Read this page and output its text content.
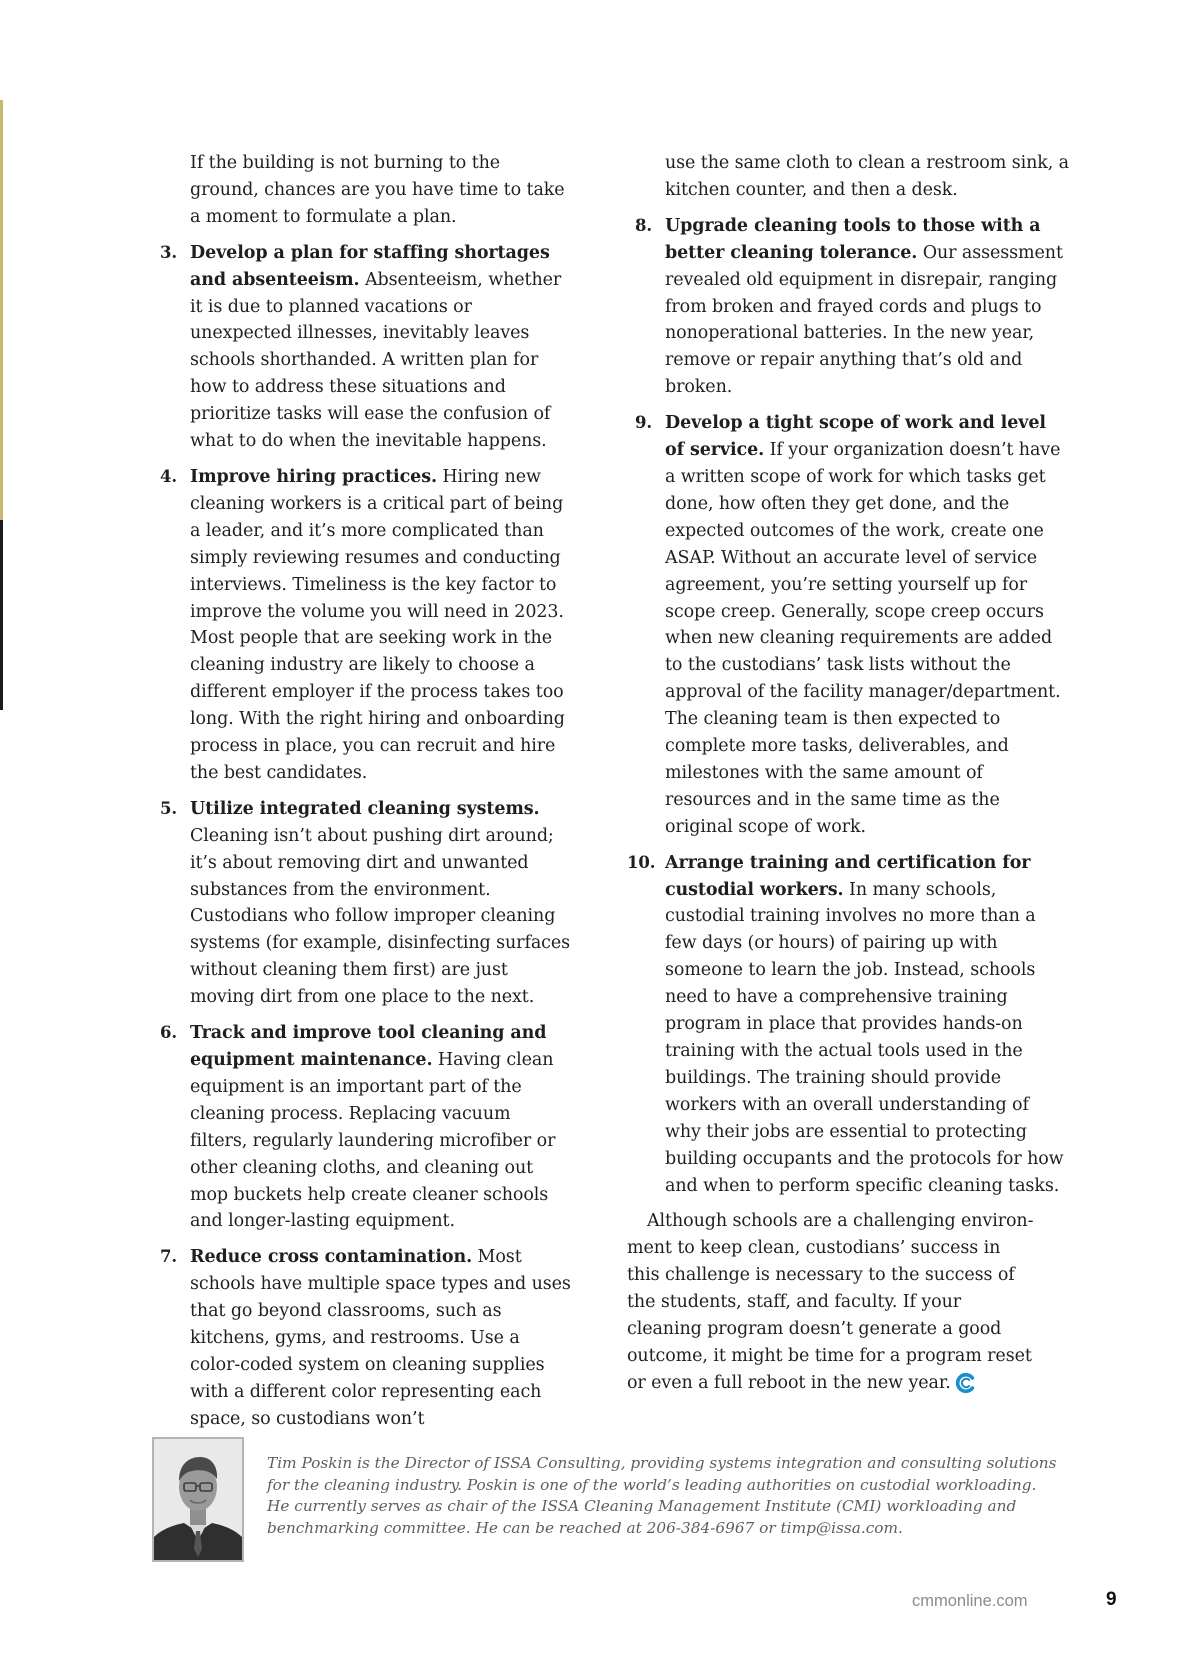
If the building is not burning to the ground, chances are you have time to take a moment to formulate a plan.

3. Develop a plan for staffing shortages and absenteeism. Absenteeism, whether it is due to planned vacations or unexpected illnesses, inevitably leaves schools shorthanded. A written plan for how to address these situations and prioritize tasks will ease the confusion of what to do when the inevitable happens.
4. Improve hiring practices. Hiring new cleaning workers is a critical part of being a leader, and it’s more complicated than simply reviewing resumes and conducting interviews. Timeliness is the key factor to improve the volume you will need in 2023. Most people that are seeking work in the cleaning industry are likely to choose a different employer if the process takes too long. With the right hiring and onboarding process in place, you can recruit and hire the best candidates.
5. Utilize integrated cleaning systems. Cleaning isn’t about pushing dirt around; it’s about removing dirt and unwanted substances from the environment. Custodians who follow improper cleaning systems (for example, disinfecting surfaces without cleaning them first) are just moving dirt from one place to the next.
6. Track and improve tool cleaning and equipment maintenance. Having clean equipment is an important part of the cleaning process. Replacing vacuum filters, regularly laundering microfiber or other cleaning cloths, and cleaning out mop buckets help create cleaner schools and longer-lasting equipment.
7. Reduce cross contamination. Most schools have multiple space types and uses that go beyond classrooms, such as kitchens, gyms, and restrooms. Use a color-coded system on cleaning supplies with a different color representing each space, so custodians won’t

use the same cloth to clean a restroom sink, a kitchen counter, and then a desk.

8. Upgrade cleaning tools to those with a better cleaning tolerance. Our assessment revealed old equipment in disrepair, ranging from broken and frayed cords and plugs to nonoperational batteries. In the new year, remove or repair anything that’s old and broken.
9. Develop a tight scope of work and level of service. If your organization doesn’t have a written scope of work for which tasks get done, how often they get done, and the expected outcomes of the work, create one ASAP. Without an accurate level of service agreement, you’re setting yourself up for scope creep. Generally, scope creep occurs when new cleaning requirements are added to the custodians’ task lists without the approval of the facility manager/department. The cleaning team is then expected to complete more tasks, deliverables, and milestones with the same amount of resources and in the same time as the original scope of work.
10. Arrange training and certification for custodial workers. In many schools, custodial training involves no more than a few days (or hours) of pairing up with someone to learn the job. Instead, schools need to have a comprehensive training program in place that provides hands-on training with the actual tools used in the buildings. The training should provide workers with an overall understanding of why their jobs are essential to protecting building occupants and the protocols for how and when to perform specific cleaning tasks.

Although schools are a challenging environ- ment to keep clean, custodians’ success in this challenge is necessary to the success of the students, staff, and faculty. If your cleaning program doesn’t generate a good outcome, it might be time for a program reset or even a full reboot in the new year.

Tim Poskin is the Director of ISSA Consulting, providing systems integration and consulting solutions for the cleaning industry. Poskin is one of the world’s leading authorities on custodial workloading. He currently serves as chair of the ISSA Cleaning Management Institute (CMI) workloading and benchmarking committee. He can be reached at 206-384-6967 or timp@issa.com.

cmmonline.com	9
